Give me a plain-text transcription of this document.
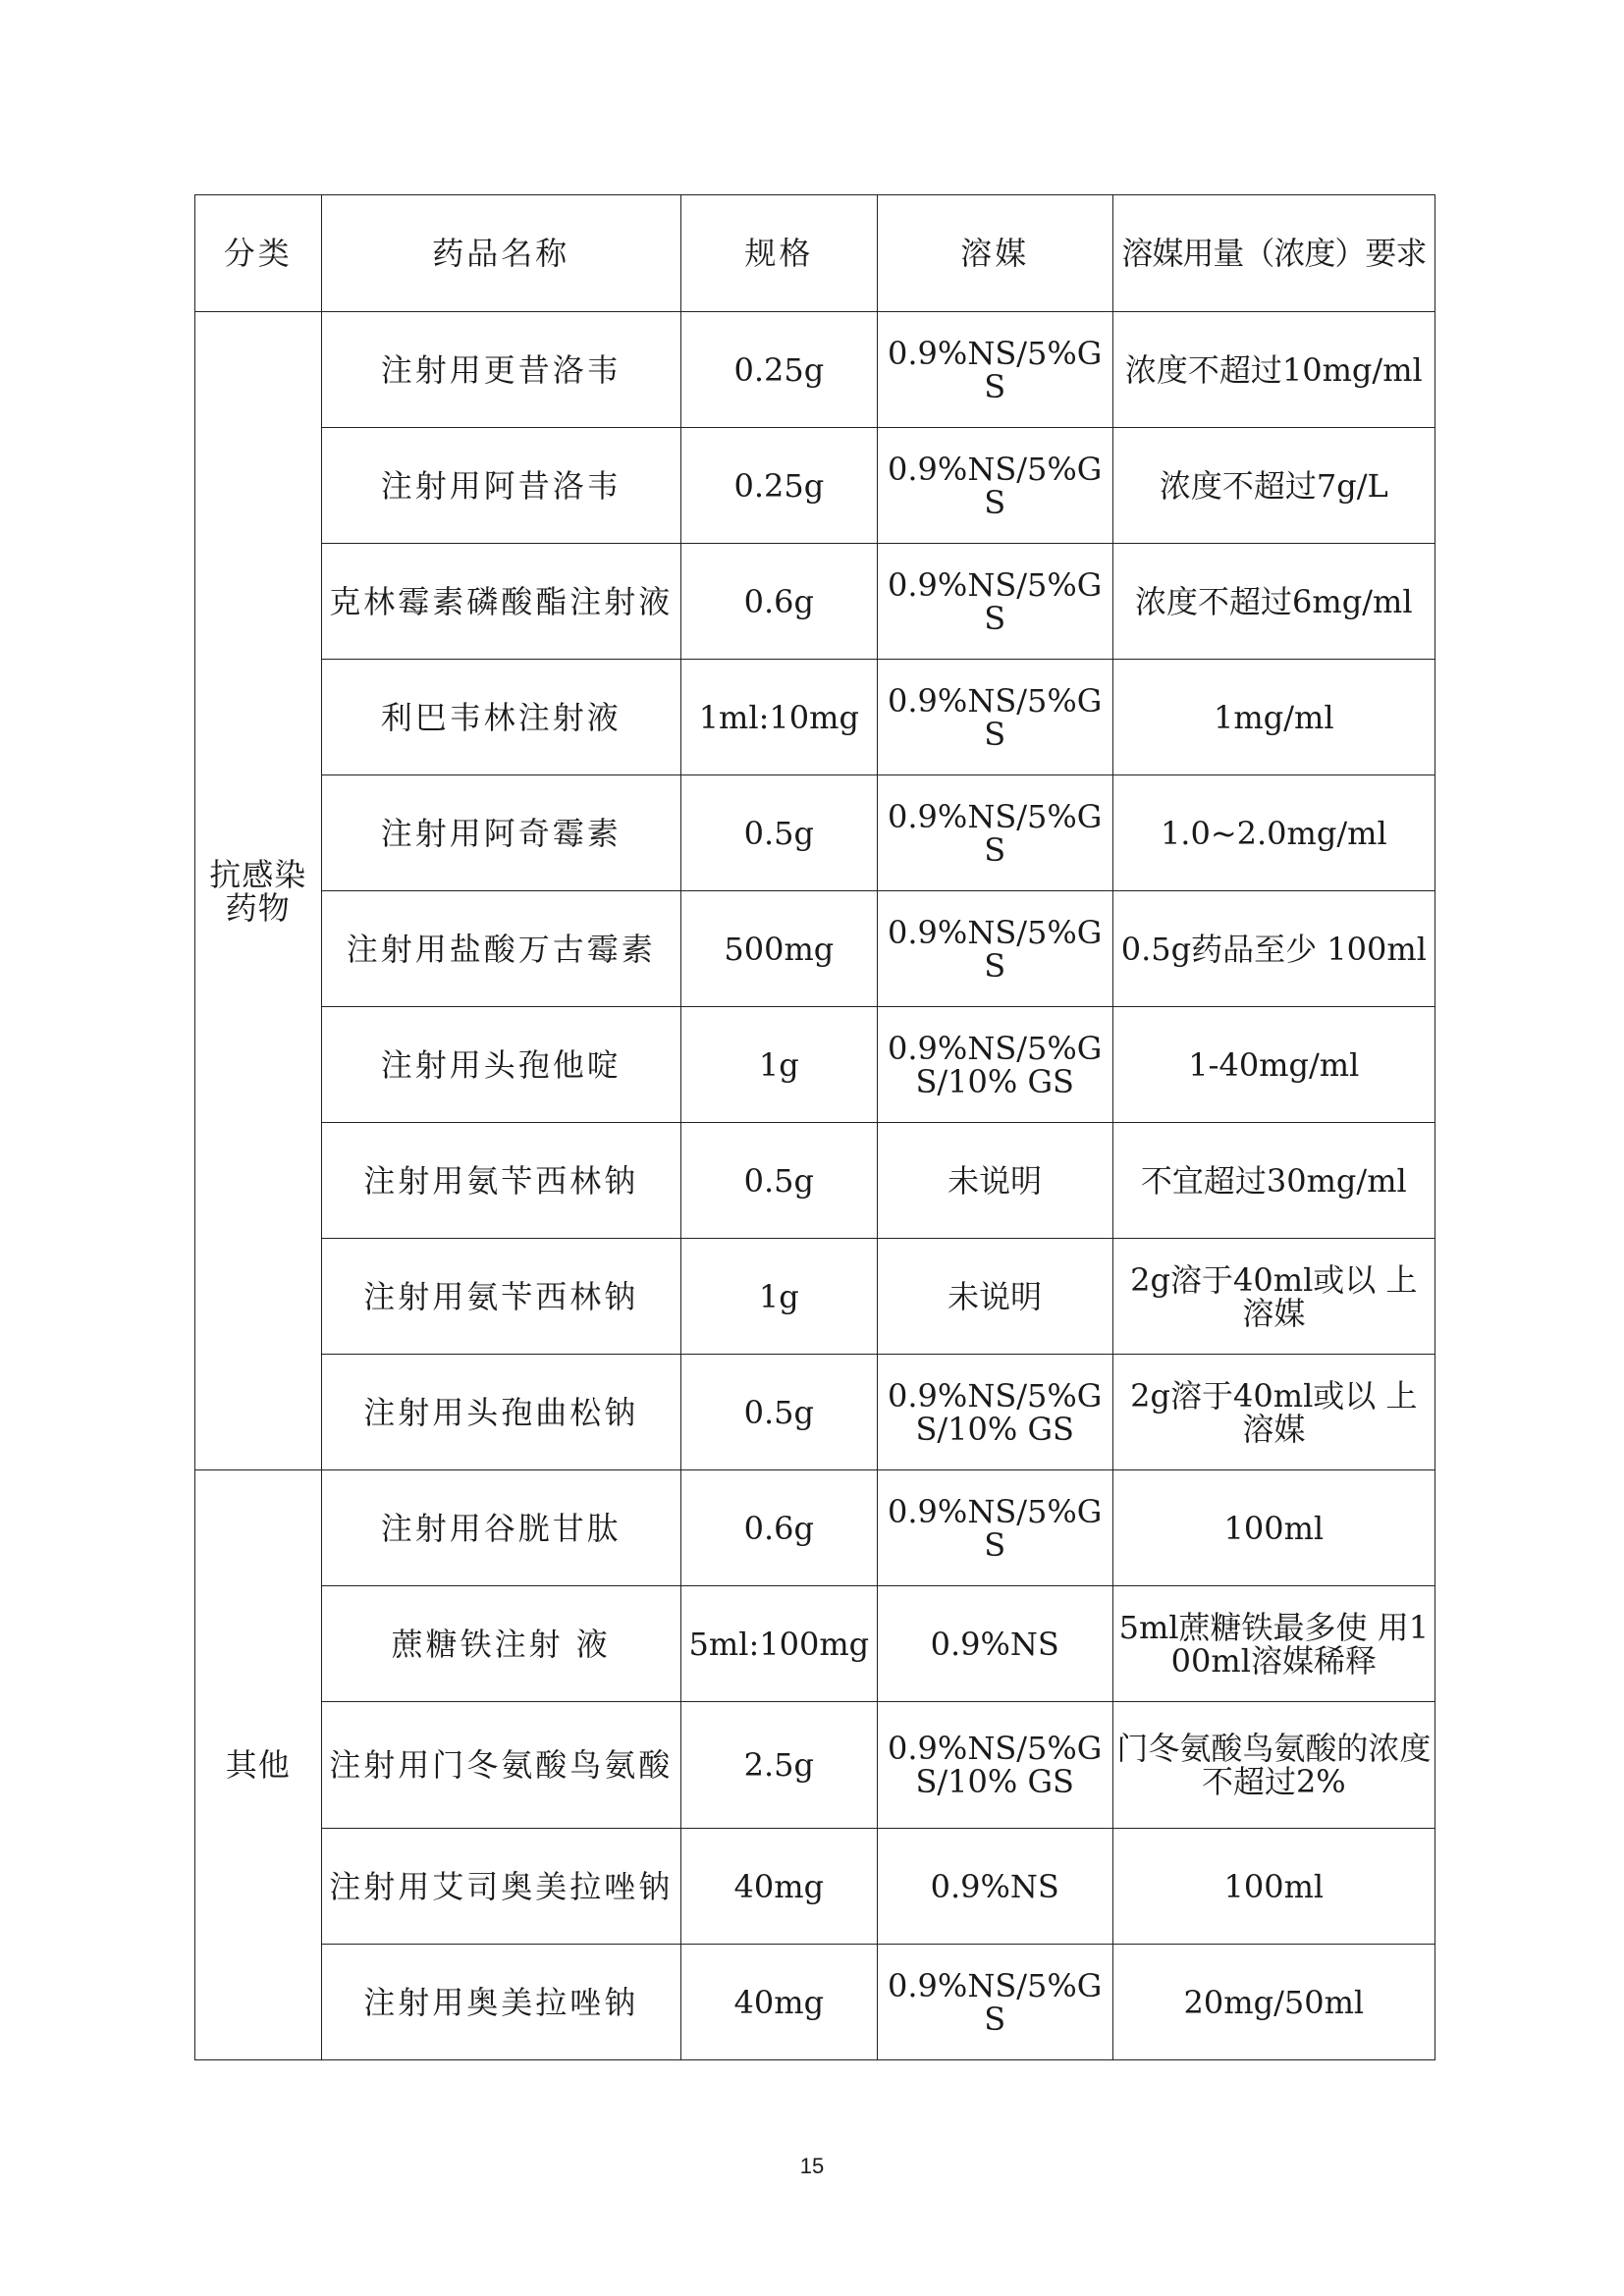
分类	药品名称	规格	溶媒	溶媒用量（浓度）要求
抗感染药物	注射用更昔洛韦	0.25g	0.9%NS/5%GS	浓度不超过10mg/ml
	注射用阿昔洛韦	0.25g	0.9%NS/5%GS	浓度不超过7g/L
	克林霉素磷酸酯注射液	0.6g	0.9%NS/5%GS	浓度不超过6mg/ml
	利巴韦林注射液	1ml:10mg	0.9%NS/5%GS	1mg/ml
	注射用阿奇霉素	0.5g	0.9%NS/5%GS	1.0~2.0mg/ml
	注射用盐酸万古霉素	500mg	0.9%NS/5%GS	0.5g药品至少 100ml
	注射用头孢他啶	1g	0.9%NS/5%GS/10% GS	1-40mg/ml
	注射用氨苄西林钠	0.5g	未说明	不宜超过30mg/ml
	注射用氨苄西林钠	1g	未说明	2g溶于40ml或以 上溶媒
	注射用头孢曲松钠	0.5g	0.9%NS/5%GS/10% GS	2g溶于40ml或以 上溶媒
其他	注射用谷胱甘肽	0.6g	0.9%NS/5%GS	100ml
	蔗糖铁注射 液	5ml:100mg	0.9%NS	5ml蔗糖铁最多使 用100ml溶媒稀释
	注射用门冬氨酸鸟氨酸	2.5g	0.9%NS/5%GS/10% GS	门冬氨酸鸟氨酸的浓度不超过2%
	注射用艾司奥美拉唑钠	40mg	0.9%NS	100ml
	注射用奥美拉唑钠	40mg	0.9%NS/5%GS	20mg/50ml
15
